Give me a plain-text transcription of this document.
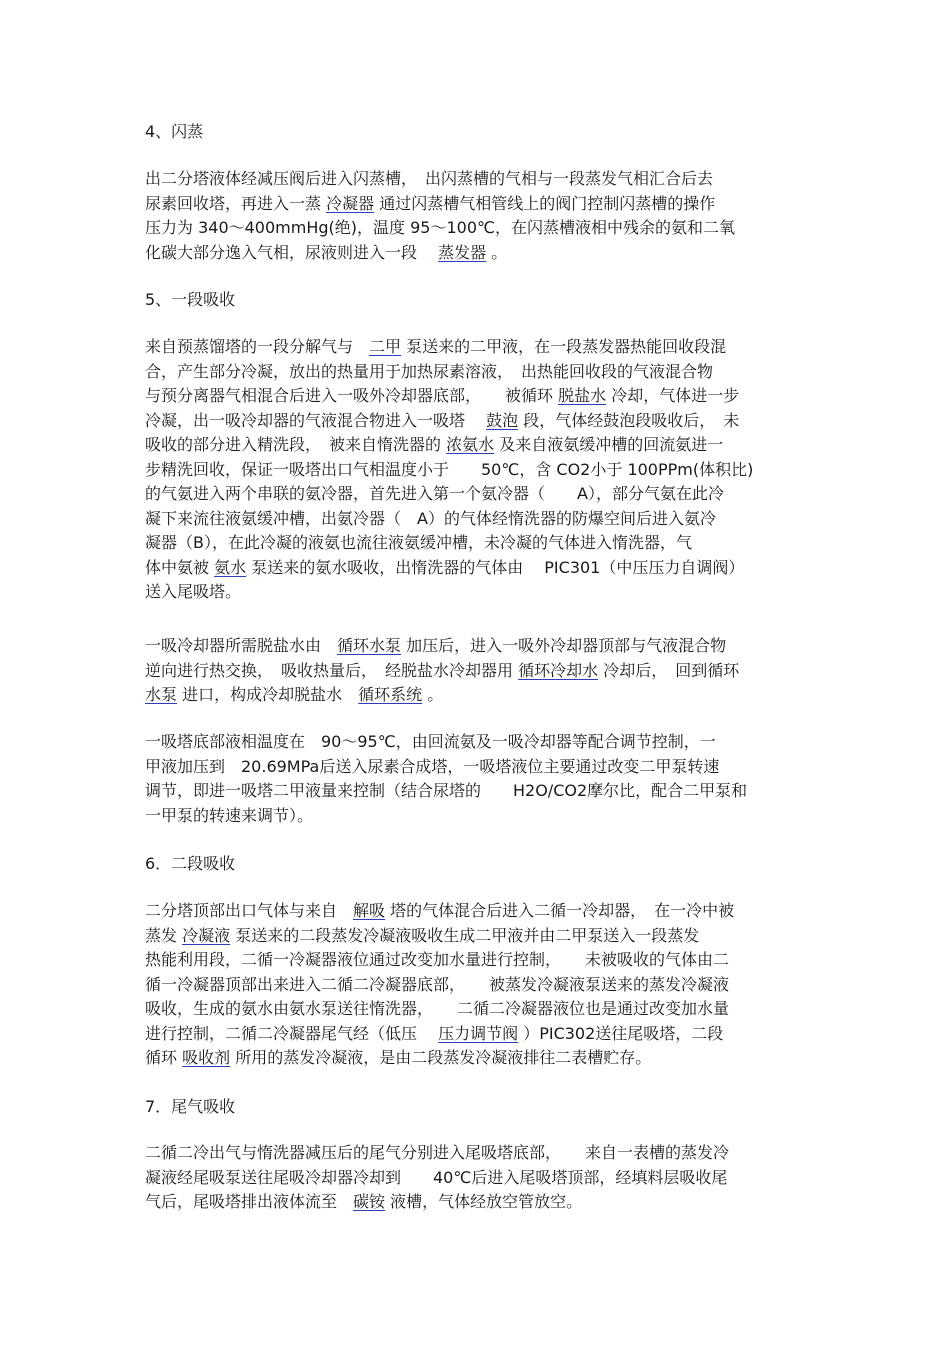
4、闪蒸
出二分塔液体经减压阀后进入闪蒸槽，　出闪蒸槽的气相与一段蒸发气相汇合后去
尿素回收塔，再进入一蒸 冷凝器 通过闪蒸槽气相管线上的阀门控制闪蒸槽的操作
压力为 340～400mmHg(绝)，温度 95～100℃，在闪蒸槽液相中残余的氨和二氧
化碳大部分逸入气相，尿液则进入一段　 蒸发器 。
5、一段吸收
来自预蒸馏塔的一段分解气与　二甲 泵送来的二甲液，在一段蒸发器热能回收段混
合，产生部分冷凝，放出的热量用于加热尿素溶液，　出热能回收段的气液混合物
与预分离器气相混合后进入一吸外冷却器底部，　　被循环 脱盐水 冷却，气体进一步
冷凝，出一吸冷却器的气液混合物进入一吸塔　 鼓泡 段，气体经鼓泡段吸收后，　未
吸收的部分进入精洗段，　被来自惰洗器的 浓氨水 及来自液氨缓冲槽的回流氨进一
步精洗回收，保证一吸塔出口气相温度小于　　50℃，含 CO2小于 100PPm(体积比)
的气氨进入两个串联的氨冷器，首先进入第一个氨冷器（　　A），部分气氨在此冷
凝下来流往液氨缓冲槽，出氨冷器（　A）的气体经惰洗器的防爆空间后进入氨冷
凝器（B），在此冷凝的液氨也流往液氨缓冲槽，未冷凝的气体进入惰洗器，气
体中氨被 氨水 泵送来的氨水吸收，出惰洗器的气体由　 PIC301（中压压力自调阀）
送入尾吸塔。
一吸冷却器所需脱盐水由　循环水泵 加压后，进入一吸外冷却器顶部与气液混合物
逆向进行热交换，　吸收热量后，　经脱盐水冷却器用 循环冷却水 冷却后，　回到循环
水泵 进口，构成冷却脱盐水　循环系统 。
一吸塔底部液相温度在　90～95℃，由回流氨及一吸冷却器等配合调节控制，一
甲液加压到　20.69MPa后送入尿素合成塔，一吸塔液位主要通过改变二甲泵转速
调节，即进一吸塔二甲液量来控制（结合尿塔的　　H2O/CO2摩尔比，配合二甲泵和
一甲泵的转速来调节）。
6．二段吸收
二分塔顶部出口气体与来自　解吸 塔的气体混合后进入二循一冷却器，　在一冷中被
蒸发 冷凝液 泵送来的二段蒸发冷凝液吸收生成二甲液并由二甲泵送入一段蒸发
热能利用段，二循一冷凝器液位通过改变加水量进行控制，　　未被吸收的气体由二
循一冷凝器顶部出来进入二循二冷凝器底部，　　被蒸发冷凝液泵送来的蒸发冷凝液
吸收，生成的氨水由氨水泵送往惰洗器，　　二循二冷凝器液位也是通过改变加水量
进行控制，二循二冷凝器尾气经（低压　 压力调节阀 ）PIC302送往尾吸塔，二段
循环 吸收剂 所用的蒸发冷凝液，是由二段蒸发冷凝液排往二表槽贮存。
7．尾气吸收
二循二冷出气与惰洗器减压后的尾气分别进入尾吸塔底部，　　来自一表槽的蒸发冷
凝液经尾吸泵送往尾吸冷却器冷却到　　40℃后进入尾吸塔顶部，经填料层吸收尾
气后，尾吸塔排出液体流至　碳铵 液槽，气体经放空管放空。
